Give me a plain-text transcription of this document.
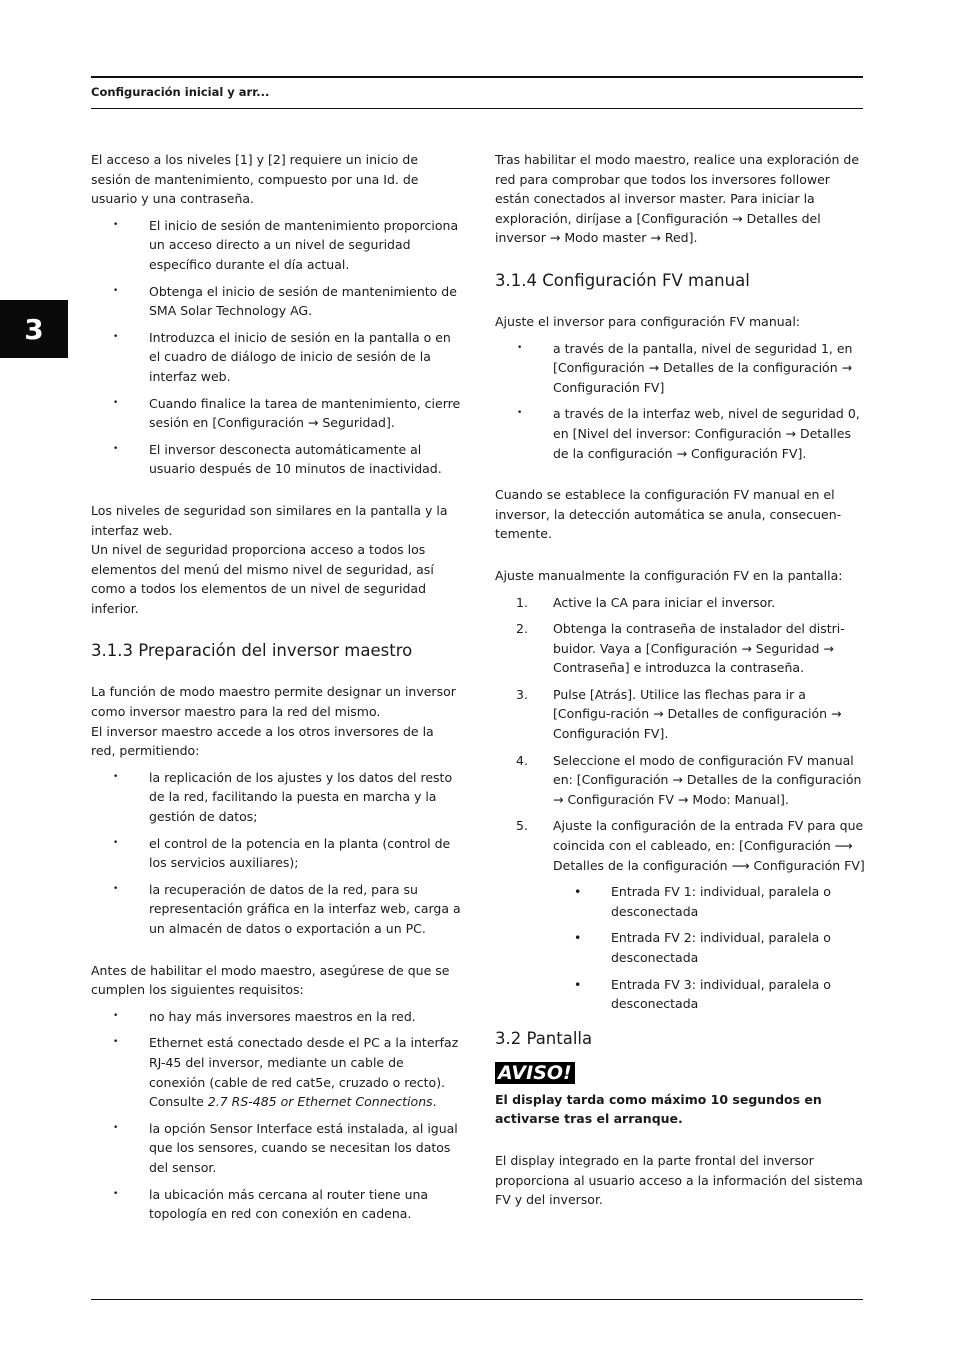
Configuración inicial y arr...
3

El acceso a los niveles [1] y [2] requiere un inicio de sesión de mantenimiento, compuesto por una Id. de usuario y una contraseña.

• El inicio de sesión de mantenimiento proporciona un acceso directo a un nivel de seguridad específico durante el día actual.
• Obtenga el inicio de sesión de mantenimiento de SMA Solar Technology AG.
• Introduzca el inicio de sesión en la pantalla o en el cuadro de diálogo de inicio de sesión de la interfaz web.
• Cuando finalice la tarea de mantenimiento, cierre sesión en [Configuración → Seguridad].
• El inversor desconecta automáticamente al usuario después de 10 minutos de inactividad.

Los niveles de seguridad son similares en la pantalla y la interfaz web.

Un nivel de seguridad proporciona acceso a todos los elementos del menú del mismo nivel de seguridad, así como a todos los elementos de un nivel de seguridad inferior.

3.1.3 Preparación del inversor maestro

La función de modo maestro permite designar un inversor como inversor maestro para la red del mismo.

El inversor maestro accede a los otros inversores de la red, permitiendo:

• la replicación de los ajustes y los datos del resto de la red, facilitando la puesta en marcha y la gestión de datos;
• el control de la potencia en la planta (control de los servicios auxiliares);
• la recuperación de datos de la red, para su representación gráfica en la interfaz web, carga a un almacén de datos o exportación a un PC.

Antes de habilitar el modo maestro, asegúrese de que se cumplen los siguientes requisitos:

• no hay más inversores maestros en la red.
• Ethernet está conectado desde el PC a la interfaz RJ-45 del inversor, mediante un cable de conexión (cable de red cat5e, cruzado o recto). Consulte 2.7 RS-485 or Ethernet Connections.
• la opción Sensor Interface está instalada, al igual que los sensores, cuando se necesitan los datos del sensor.
• la ubicación más cercana al router tiene una topología en red con conexión en cadena.

Tras habilitar el modo maestro, realice una exploración de red para comprobar que todos los inversores follower están conectados al inversor master. Para iniciar la exploración, diríjase a [Configuración → Detalles del inversor → Modo master → Red].

3.1.4 Configuración FV manual

Ajuste el inversor para configuración FV manual:

• a través de la pantalla, nivel de seguridad 1, en [Configuración → Detalles de la configuración → Configuración FV]
• a través de la interfaz web, nivel de seguridad 0, en [Nivel del inversor: Configuración → Detalles de la configuración → Configuración FV].

Cuando se establece la configuración FV manual en el inversor, la detección automática se anula, consecuen-temente.

Ajuste manualmente la configuración FV en la pantalla:

1. Active la CA para iniciar el inversor.
2. Obtenga la contraseña de instalador del distri-buidor. Vaya a [Configuración → Seguridad → Contraseña] e introduzca la contraseña.
3. Pulse [Atrás]. Utilice las flechas para ir a [Configu-ración → Detalles de configuración → Configuración FV].
4. Seleccione el modo de configuración FV manual en: [Configuración → Detalles de la configuración → Configuración FV → Modo: Manual].
5. Ajuste la configuración de la entrada FV para que coincida con el cableado, en: [Configuración ⟶ Detalles de la configuración ⟶ Configuración FV]
• Entrada FV 1: individual, paralela o desconectada
• Entrada FV 2: individual, paralela o desconectada
• Entrada FV 3: individual, paralela o desconectada
3.2 Pantalla
AVISO!

El display tarda como máximo 10 segundos en activarse tras el arranque.

El display integrado en la parte frontal del inversor proporciona al usuario acceso a la información del sistema FV y del inversor.
